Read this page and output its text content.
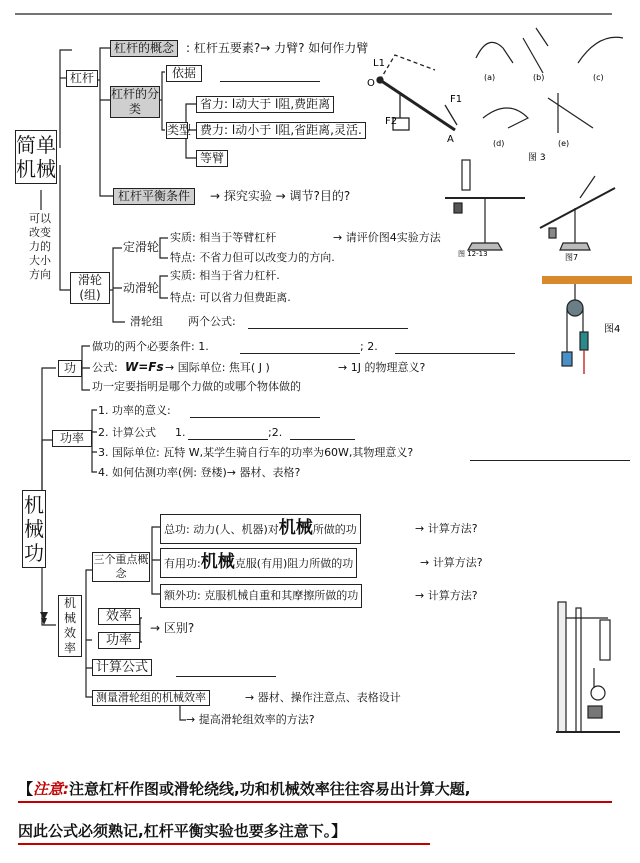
简单机械
可以改变力的大小方向
杠杆
杠杆的概念 : 杠杆五要素?→ 力臂? 如何作力臂
依据
杠杆的分类
类型
省力: l动大于 l阻,费距离
费力: l动小于 l阻,省距离,灵活.
等臂
杠杆平衡条件	→ 探究实验 → 调节?目的?
滑轮(组)
定滑轮
实质: 相当于等臂杠杆	→ 请评价图4实验方法
特点: 不省力但可以改变力的方向.
动滑轮
实质: 相当于省力杠杆.
特点: 可以省力但费距离.
滑轮组 两个公式:
机械功
功
做功的两个必要条件: 1.	; 2.
公式: W=Fs → 国际单位: 焦耳( J )	→ 1J 的物理意义?
功一定要指明是哪个力做的或哪个物体做的
功率
1. 功率的意义:
2. 计算公式 1.	;2.
3. 国际单位: 瓦特 W,某学生骑自行车的功率为60W,其物理意义?
4. 如何估测功率(例: 登楼)→ 器材、表格?
机械效率
三个重点概念
总功: 动力(人、机器)对机械所做的功	→ 计算方法?
有用功:机械克服(有用)阻力所做的功	→ 计算方法?
额外功: 克服机械自重和其摩擦所做的功	→ 计算方法?
效率
功率
→ 区别?
计算公式
测量滑轮组的机械效率	→ 器材、操作注意点、表格设计
→ 提高滑轮组效率的方法?
L1
O
F1
F2
A
(a)	(b)	(c)
(d)	(e)
图 3
图 12-13	图7
图4
【注意:注意杠杆作图或滑轮绕线,功和机械效率往往容易出计算大题,
因此公式必须熟记,杠杆平衡实验也要多注意下。】
